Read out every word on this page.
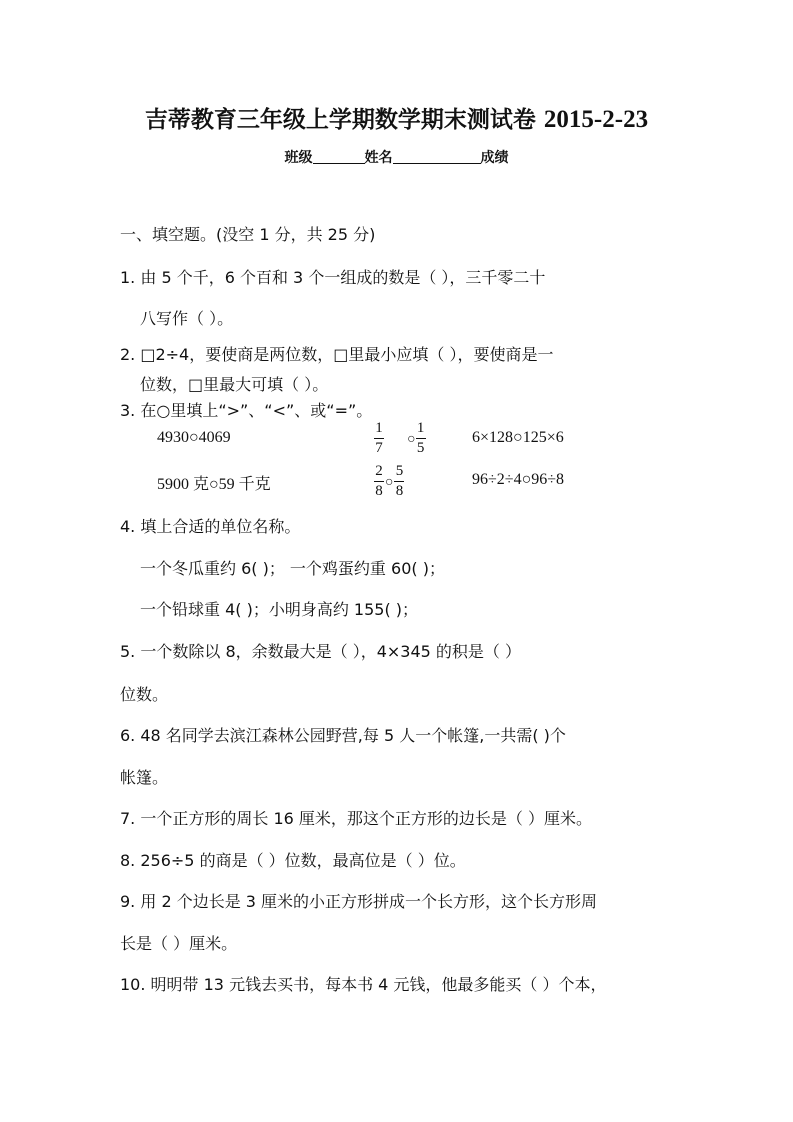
吉蒂教育三年级上学期数学期末测试卷 2015-2-23
班级	姓名	成绩
一、填空题。(没空 1 分，共 25 分)
1. 由 5 个千，6 个百和 3 个一组成的数是（ ），三千零二十
八写作（ ）。
2. □2÷4，要使商是两位数，□里最小应填（ ），要使商是一
位数，□里最大可填（ ）。
3. 在○里填上“>”、“<”、或“=”。
4930○4069	$\frac{1}{7}$ ○ $\frac{1}{5}$	6×128○125×6
5900 克○59 千克	$\frac{2}{8}$ ○ $\frac{5}{8}$	96÷2÷4○96÷8
4. 填上合适的单位名称。
一个冬瓜重约 6( )； 一个鸡蛋约重 60( )；
一个铅球重 4( )；小明身高约 155( )；
5. 一个数除以 8，余数最大是（ ），4×345 的积是（ ）
位数。
6. 48 名同学去滨江森林公园野营,每 5 人一个帐篷,一共需( )个
帐篷。
7. 一个正方形的周长 16 厘米，那这个正方形的边长是（ ）厘米。
8. 256÷5 的商是（ ）位数，最高位是（ ）位。
9. 用 2 个边长是 3 厘米的小正方形拼成一个长方形，这个长方形周
长是（ ）厘米。
10. 明明带 13 元钱去买书，每本书 4 元钱，他最多能买（ ）个本，
